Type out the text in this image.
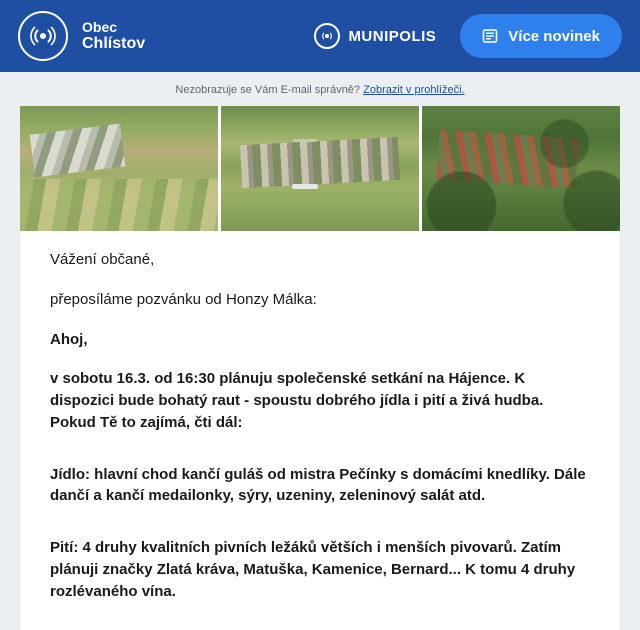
Obec
Chlístov	MUNIPOLIS	Více novinek
Nezobrazuje se Vám E-mail správně? Zobrazit v prohlížeči.

Vážení občané,

přeposíláme pozvánku od Honzy Málka:

Ahoj,

v sobotu 16.3. od 16:30 plánuju společenské setkání na Hájence. K dispozici bude bohatý raut - spoustu dobrého jídla i pití a živá hudba. Pokud Tě to zajímá, čti dál:

Jídlo: hlavní chod kančí guláš od mistra Pečínky s domácími knedlíky. Dále dančí a kančí medailonky, sýry, uzeniny, zeleninový salát atd.

Pití: 4 druhy kvalitních pivních ležáků větších i menších pivovarů. Zatím plánuji značky Zlatá kráva, Matuška, Kamenice, Bernard... K tomu 4 druhy rozlévaného vína.
